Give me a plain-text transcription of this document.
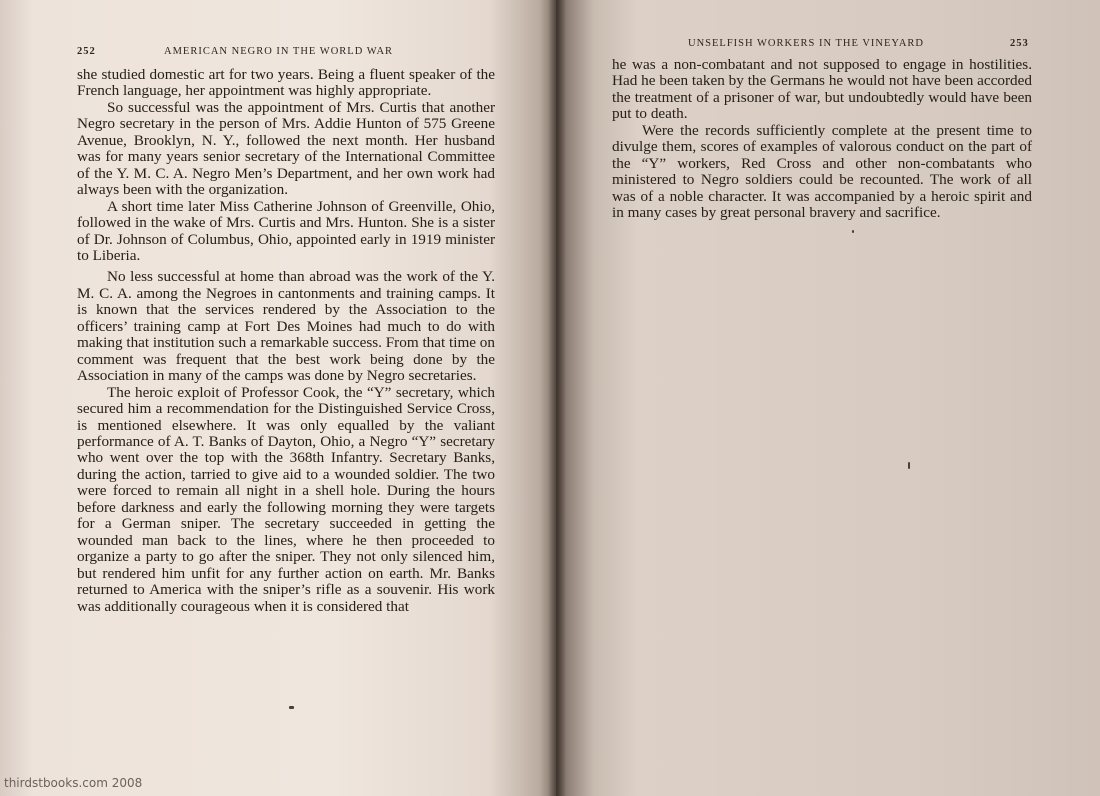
252	AMERICAN NEGRO IN THE WORLD WAR

she studied domestic art for two years. Being a fluent speaker of the French language, her appointment was highly appropriate.

So successful was the appointment of Mrs. Curtis that another Negro secretary in the person of Mrs. Addie Hunton of 575 Greene Avenue, Brooklyn, N. Y., followed the next month. Her husband was for many years senior secretary of the International Committee of the Y. M. C. A. Negro Men’s Department, and her own work had always been with the organization.

A short time later Miss Catherine Johnson of Greenville, Ohio, followed in the wake of Mrs. Curtis and Mrs. Hunton. She is a sister of Dr. Johnson of Columbus, Ohio, appointed early in 1919 minister to Liberia.

No less successful at home than abroad was the work of the Y. M. C. A. among the Negroes in cantonments and training camps. It is known that the services rendered by the Association to the officers’ training camp at Fort Des Moines had much to do with making that institution such a remarkable success. From that time on comment was frequent that the best work being done by the Association in many of the camps was done by Negro secretaries.

The heroic exploit of Professor Cook, the “Y” secretary, which secured him a recommendation for the Distinguished Service Cross, is mentioned elsewhere. It was only equalled by the valiant performance of A. T. Banks of Dayton, Ohio, a Negro “Y” secretary who went over the top with the 368th Infantry. Secretary Banks, during the action, tarried to give aid to a wounded soldier. The two were forced to remain all night in a shell hole. During the hours before darkness and early the following morning they were targets for a German sniper. The secretary succeeded in getting the wounded man back to the lines, where he then proceeded to organize a party to go after the sniper. They not only silenced him, but rendered him unfit for any further action on earth. Mr. Banks returned to America with the sniper’s rifle as a souvenir. His work was additionally courageous when it is considered that

UNSELFISH WORKERS IN THE VINEYARD	253

he was a non-combatant and not supposed to engage in hostilities. Had he been taken by the Germans he would not have been accorded the treatment of a prisoner of war, but undoubtedly would have been put to death.

Were the records sufficiently complete at the present time to divulge them, scores of examples of valorous conduct on the part of the “Y” workers, Red Cross and other non-combatants who ministered to Negro soldiers could be recounted. The work of all was of a noble character. It was accompanied by a heroic spirit and in many cases by great personal bravery and sacrifice.

thirdstbooks.com 2008
